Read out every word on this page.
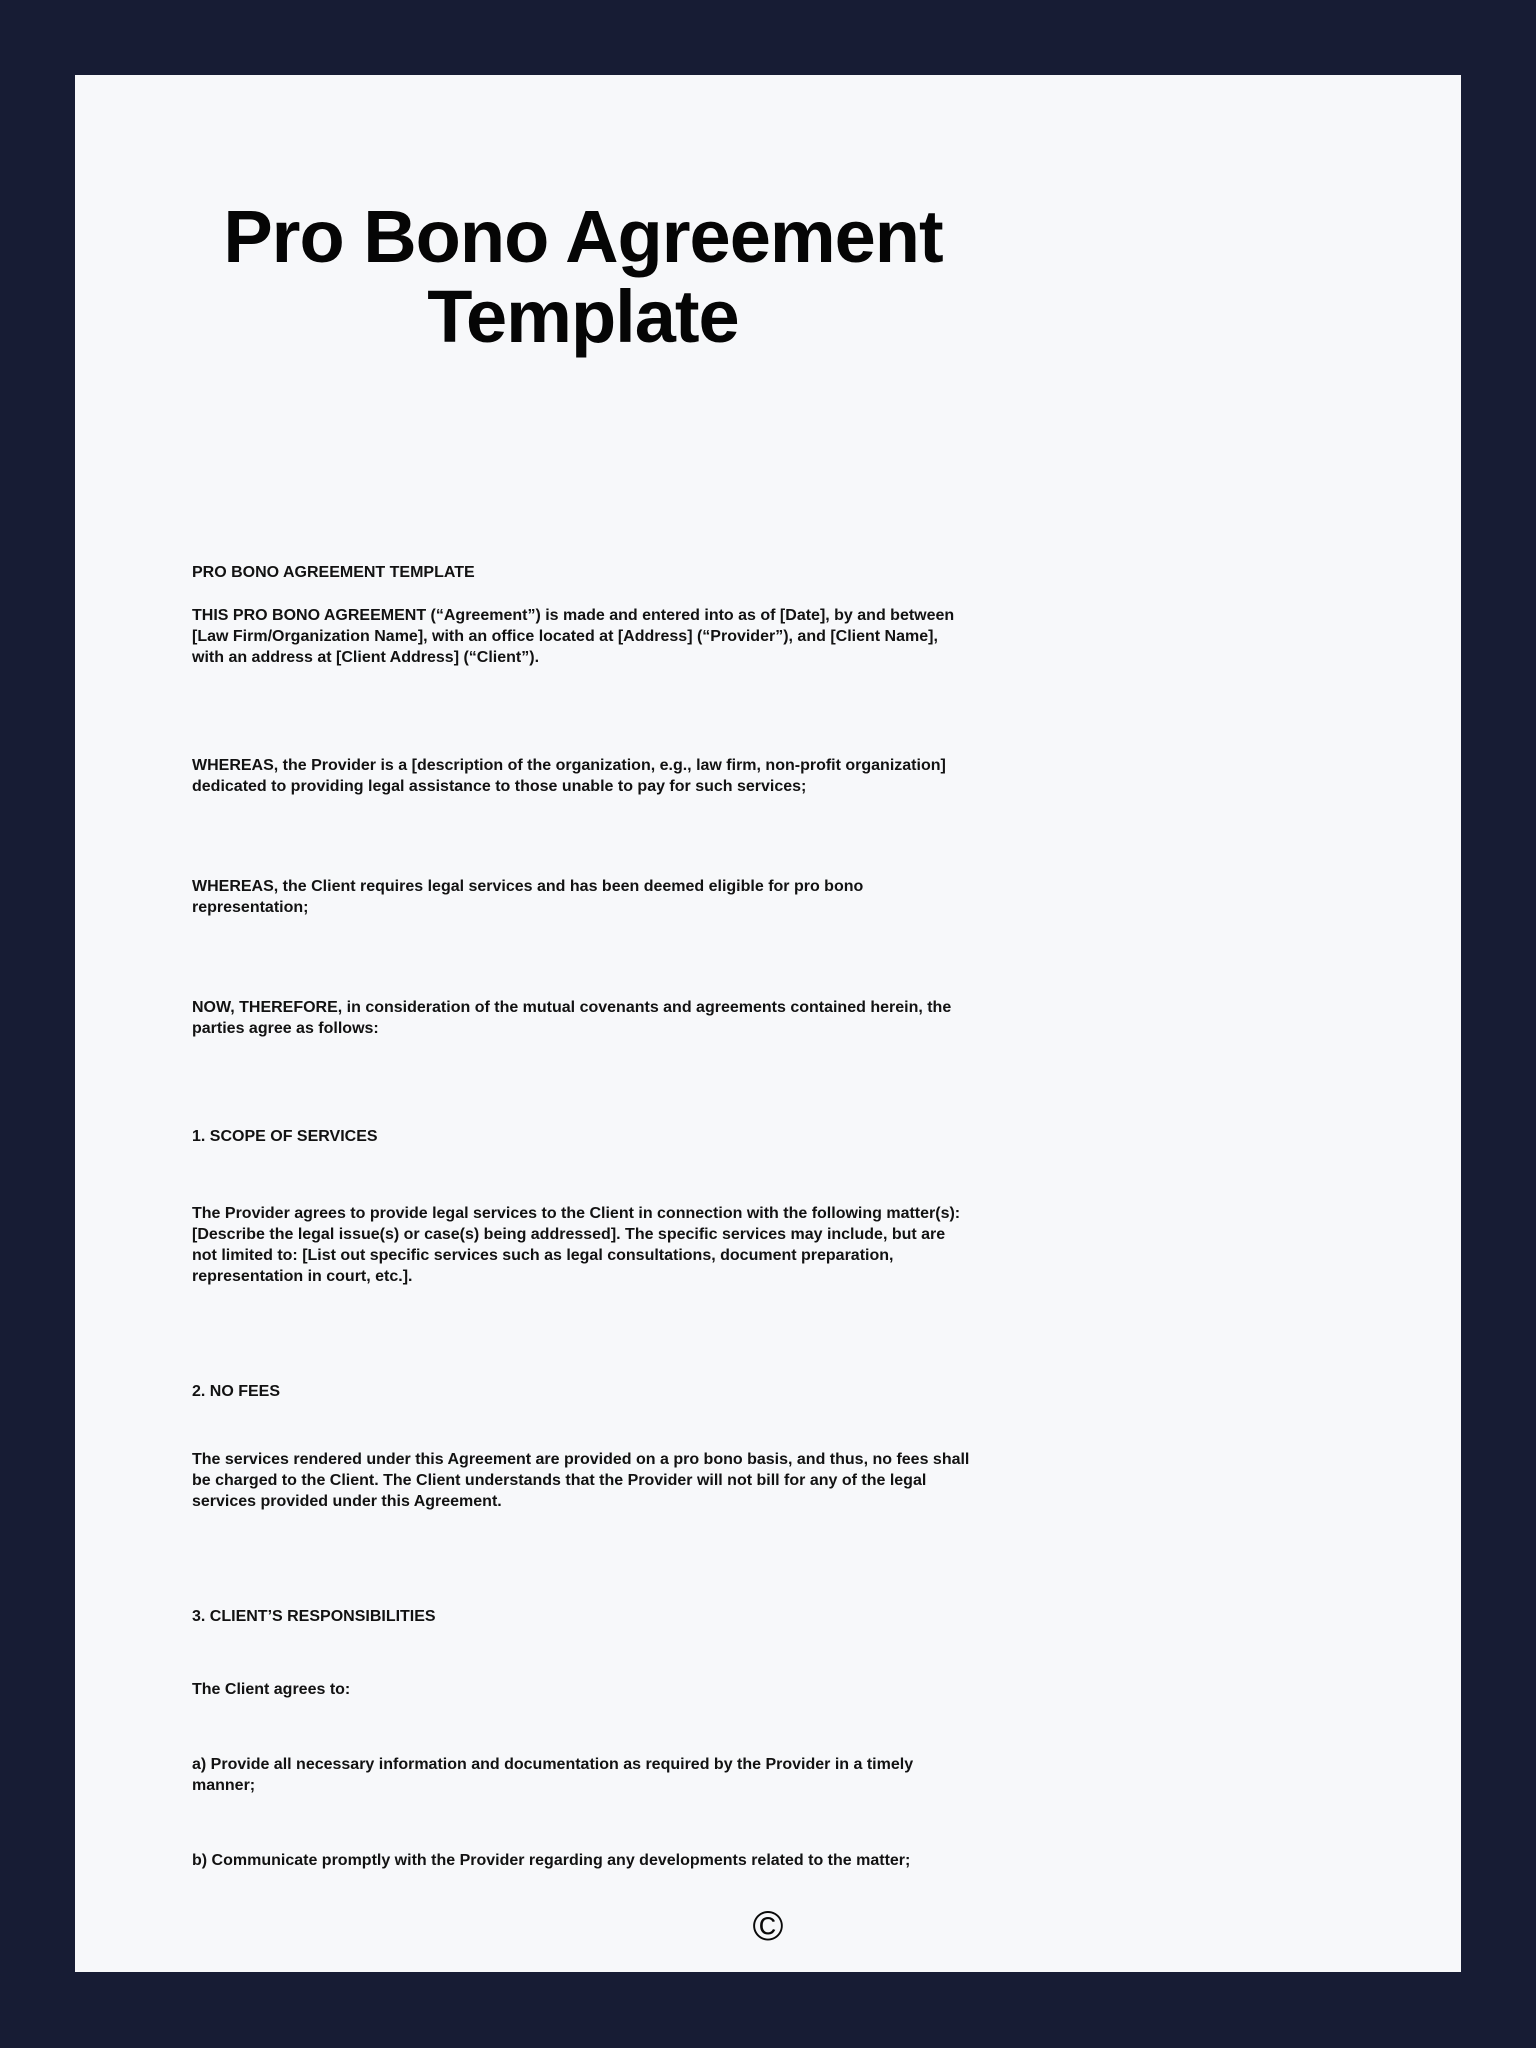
Pro Bono Agreement
Template
PRO BONO AGREEMENT TEMPLATE
THIS PRO BONO AGREEMENT (“Agreement”) is made and entered into as of [Date], by and between [Law Firm/Organization Name], with an office located at [Address] (“Provider”), and [Client Name], with an address at [Client Address] (“Client”).
WHEREAS, the Provider is a [description of the organization, e.g., law firm, non-profit organization] dedicated to providing legal assistance to those unable to pay for such services;
WHEREAS, the Client requires legal services and has been deemed eligible for pro bono representation;
NOW, THEREFORE, in consideration of the mutual covenants and agreements contained herein, the parties agree as follows:
1. SCOPE OF SERVICES
The Provider agrees to provide legal services to the Client in connection with the following matter(s): [Describe the legal issue(s) or case(s) being addressed]. The specific services may include, but are not limited to: [List out specific services such as legal consultations, document preparation, representation in court, etc.].
2. NO FEES
The services rendered under this Agreement are provided on a pro bono basis, and thus, no fees shall be charged to the Client. The Client understands that the Provider will not bill for any of the legal services provided under this Agreement.
3. CLIENT’S RESPONSIBILITIES
The Client agrees to:
a) Provide all necessary information and documentation as required by the Provider in a timely manner;
b) Communicate promptly with the Provider regarding any developments related to the matter;
©
